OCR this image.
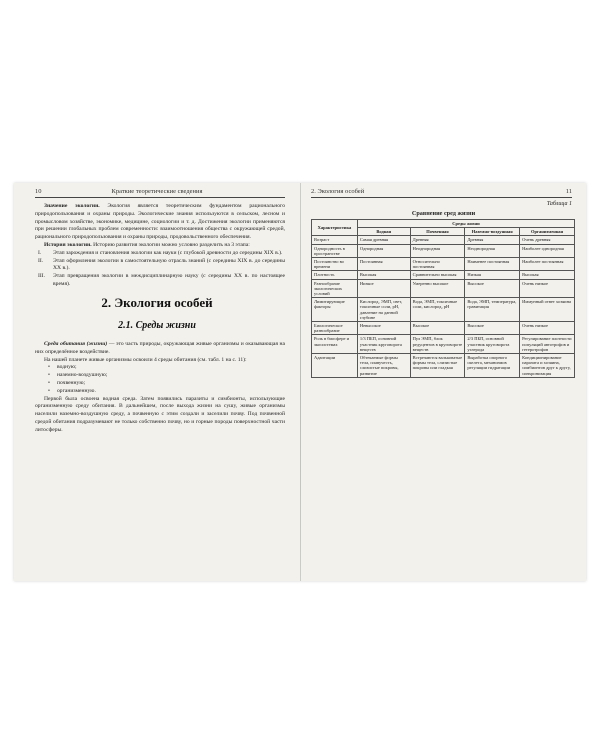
10	Краткие теоретические сведения

Значение экологии. Экология является теоретическим фундаментом рационального природопользования и охраны природы. Экологические знания используются в сельском, лесном и промысловом хозяйстве, экономике, медицине, социологии и т. д. Достижения экологии применяются при решении глобальных проблем современности: взаимоотношения общества с окружающей средой, рационального природопользования и охраны природы, продовольственного обеспечения.

История экологии. Историю развития экологии можно условно разделить на 3 этапа:

I. Этап зарождения и становления экологии как науки (с глубокой древности до середины XIX в.).
II. Этап оформления экологии в самостоятельную отрасль знаний (с середины XIX в. до середины XX в.).
III. Этап превращения экологии в междисциплинарную науку (с середины XX в. по настоящее время).
2. Экология особей
2.1. Среды жизни

Среда обитания (жизни) — это часть природы, окружающая живые организмы и оказывающая на них определённое воздействие.

На нашей планете живые организмы освоили 4 среды обитания (см. табл. 1 на с. 11):

• водную;
• наземно-воздушную;
• почвенную;
• организменную.

Первой была освоена водная среда. Затем появились паразиты и симбионты, использующие организменную среду обитания. В дальнейшем, после выхода жизни на сушу, живые организмы населили наземно-воздушную среду, а почвенную с этим создали и заселили почву. Под почвенной средой обитания подразумевают не только собственно почву, но и горные породы поверхностной части литосферы.

2. Экология особей	11
Таблица 1
Сравнение сред жизни
Характеристика	Среды жизни			
	Водная	Почвенная	Наземно-воздушная	Организменная
Возраст	Самая древняя	Древняя	Древняя	Очень древняя
Однородность в пространстве	Однородная	Неоднородная	Неоднородная	Наиболее однородная
Постоянство во времени	Постоянная	Относительно постоянная	Наименее постоянная	Наиболее постоянная
Плотность	Высокая	Сравнительно высокая	Низкая	Высокая
Разнообразие экологических условий	Низкое	Умеренно высокое	Высокое	Очень низкое
Лимитирующие факторы	Кислород, ЭМП, свет, токсичные соли, рН, давление на данной глубине	Вода, ЭМП, токсичные соли, кислород, рН	Вода, ЭМП, температура, гравитация	Иммунный ответ хозяина
Биологическое разнообразие	Невысокое	Высокое	Высокое	Очень низкое
Роль в биосфере и экосистемах	1/3 ПБП, основной участник круговорота веществ	Пул ЭМП, блок редуцентов в круговороте веществ	2/3 ПБП, основной участник круговорота углерода	Регулирование плотности популяций автотрофов и гетеротрофов
Адаптации	Обтекаемые формы тела, плавучесть, слизистые покровы, развитие	Встречаются вальковатые формы тела, слизистые покровы или гладкая	Выработка опорного скелета, механизмов регуляции гидратации	Кондиционирование паразита и хозяина, симбионтов друг к другу, синхронизация
